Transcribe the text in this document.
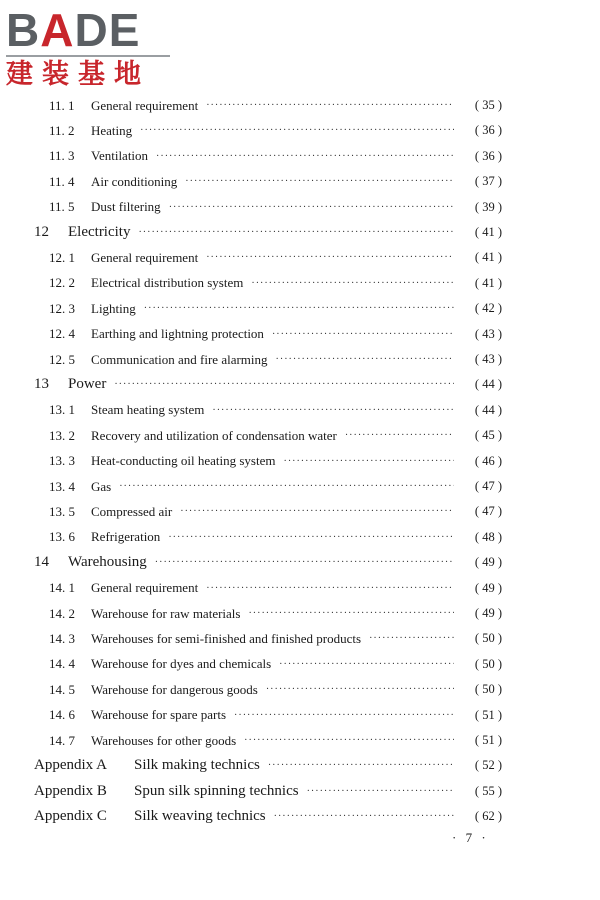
BADE
建装基地
11. 1	General requirement ·····	( 35 )
11. 2	Heating ·····	( 36 )
11. 3	Ventilation ·····	( 36 )
11. 4	Air conditioning ·····	( 37 )
11. 5	Dust filtering ·····	( 39 )
12	Electricity ·····	( 41 )
12. 1	General requirement ·····	( 41 )
12. 2	Electrical distribution system ·····	( 41 )
12. 3	Lighting ·····	( 42 )
12. 4	Earthing and lightning protection ·····	( 43 )
12. 5	Communication and fire alarming ·····	( 43 )
13	Power ·····	( 44 )
13. 1	Steam heating system ·····	( 44 )
13. 2	Recovery and utilization of condensation water ·····	( 45 )
13. 3	Heat-conducting oil heating system ·····	( 46 )
13. 4	Gas ·····	( 47 )
13. 5	Compressed air ·····	( 47 )
13. 6	Refrigeration ·····	( 48 )
14	Warehousing ·····	( 49 )
14. 1	General requirement ·····	( 49 )
14. 2	Warehouse for raw materials ·····	( 49 )
14. 3	Warehouses for semi-finished and finished products ·····	( 50 )
14. 4	Warehouse for dyes and chemicals ·····	( 50 )
14. 5	Warehouse for dangerous goods ·····	( 50 )
14. 6	Warehouse for spare parts ·····	( 51 )
14. 7	Warehouses for other goods ·····	( 51 )
Appendix A	Silk making technics ·····	( 52 )
Appendix B	Spun silk spinning technics ·····	( 55 )
Appendix C	Silk weaving technics ·····	( 62 )
· 7 ·
